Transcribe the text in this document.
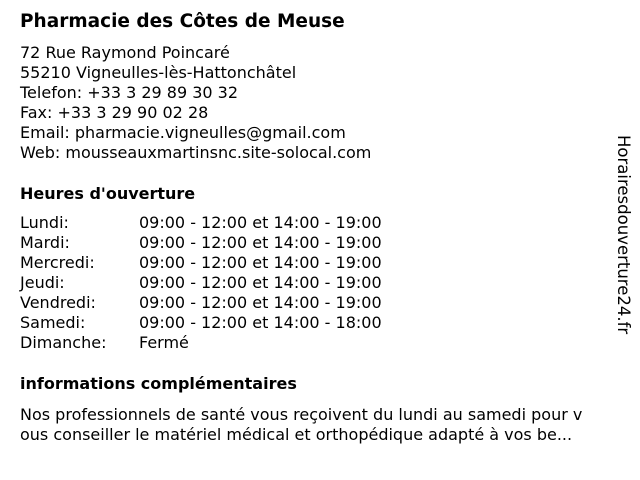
Pharmacie des Côtes de Meuse
72 Rue Raymond Poincaré
55210 Vigneulles-lès-Hattonchâtel
Telefon: +33 3 29 89 30 32
Fax: +33 3 29 90 02 28
Email: pharmacie.vigneulles@gmail.com
Web: mousseauxmartinsnc.site-solocal.com
Heures d'ouverture
Lundi:	09:00 - 12:00 et 14:00 - 19:00
Mardi:	09:00 - 12:00 et 14:00 - 19:00
Mercredi:	09:00 - 12:00 et 14:00 - 19:00
Jeudi:	09:00 - 12:00 et 14:00 - 19:00
Vendredi:	09:00 - 12:00 et 14:00 - 19:00
Samedi:	09:00 - 12:00 et 14:00 - 18:00
Dimanche: Fermé
informations complémentaires
Nos professionnels de santé vous reçoivent du lundi au samedi pour v
ous conseiller le matériel médical et orthopédique adapté à vos be...
Horairesdouverture24.fr
